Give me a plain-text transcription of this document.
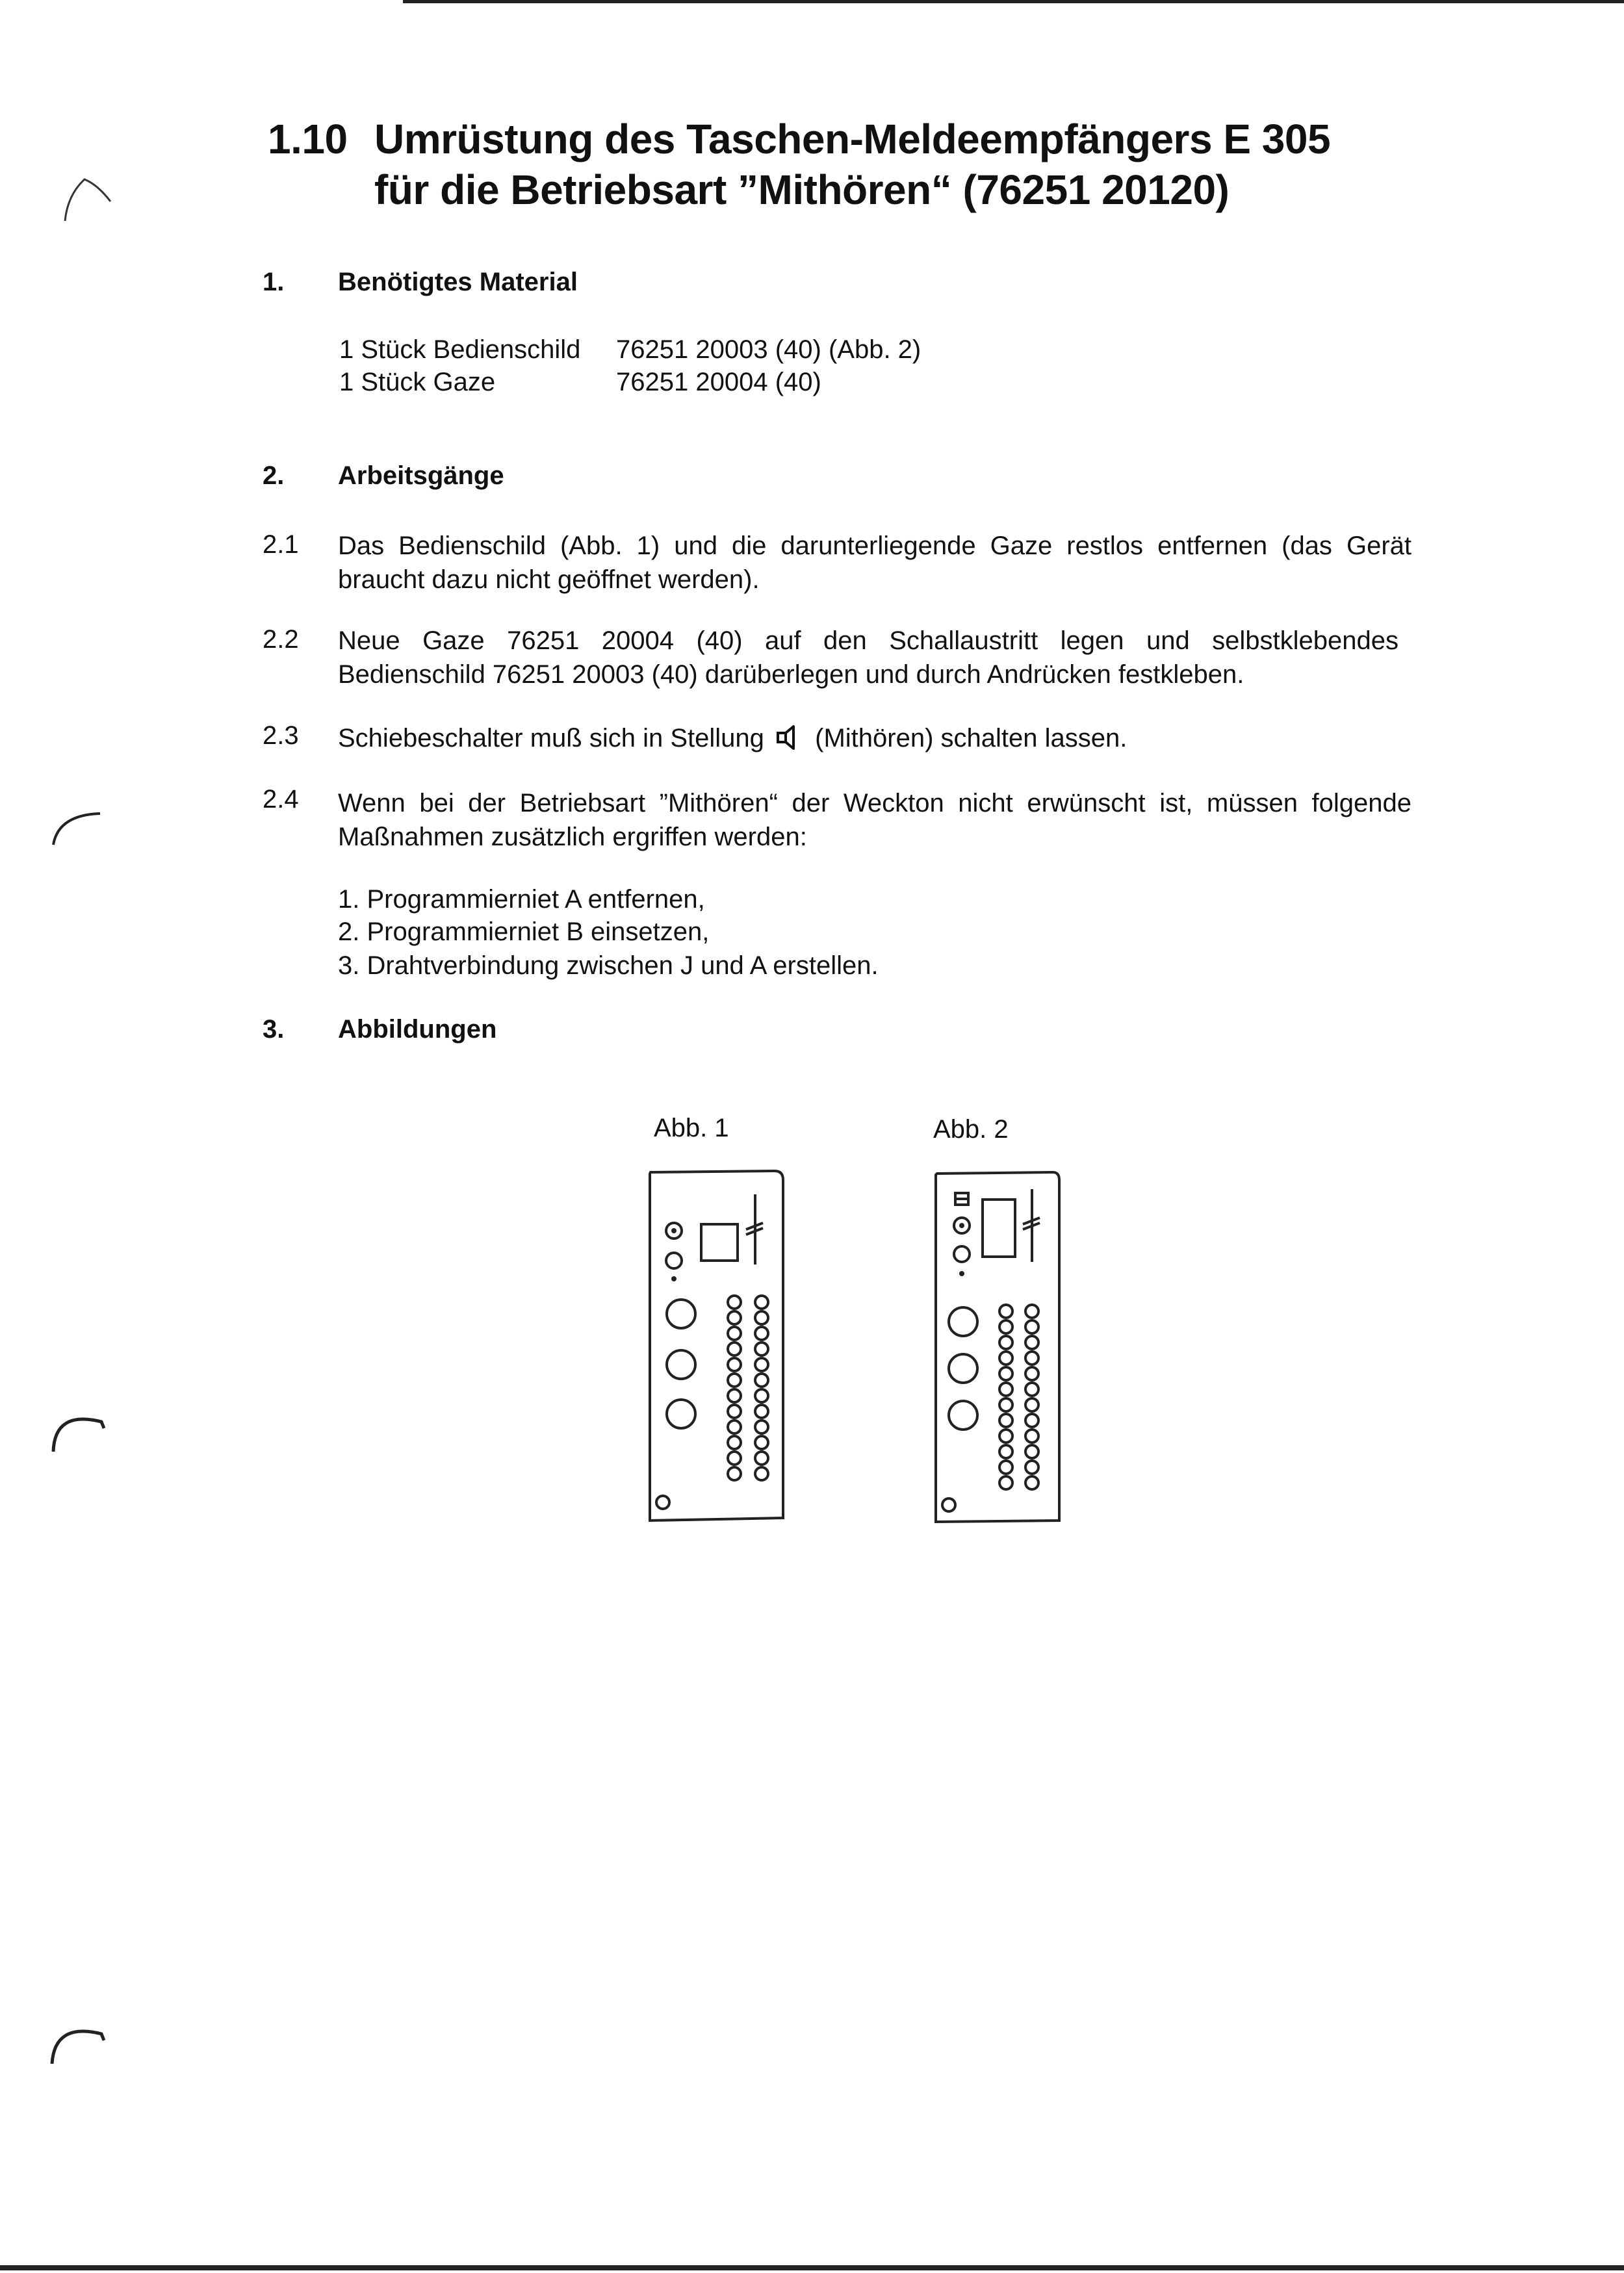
1.10 Umrüstung des Taschen-Meldeempfängers E 305
für die Betriebsart ”Mithören“ (76251 20120)
1. Benötigtes Material
1 Stück Bedienschild 76251 20003 (40) (Abb. 2)
1 Stück Gaze	76251 20004 (40)
2. Arbeitsgänge
2.1 Das Bedienschild (Abb. 1) und die darunterliegende Gaze restlos entfernen (das Gerät braucht dazu nicht geöffnet werden).
2.2 Neue Gaze 76251 20004 (40) auf den Schallaustritt legen und selbstklebendes Bedienschild 76251 20003 (40) darüberlegen und durch Andrücken festkleben.
2.3 Schiebeschalter muß sich in Stellung (Mithören) schalten lassen.
2.4 Wenn bei der Betriebsart ”Mithören“ der Weckton nicht erwünscht ist, müssen folgende Maßnahmen zusätzlich ergriffen werden:
1. Programmierniet A entfernen,
2. Programmierniet B einsetzen,
3. Drahtverbindung zwischen J und A erstellen.
3. Abbildungen
Abb. 1	Abb. 2
